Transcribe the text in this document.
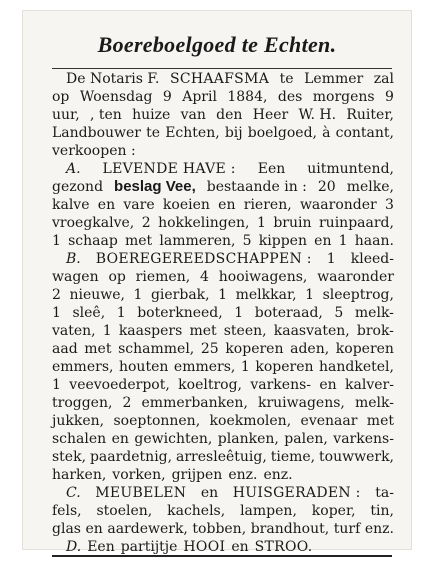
Boereboelgoed te Echten.
De Notaris F. SCHAAFSMA te Lemmer zal
op Woensdag 9 April 1884, des morgens 9
uur, , ten huize van den Heer W. H. Ruiter,
Landbouwer te Echten, bij boelgoed, à contant,
verkoopen :
A. LEVENDE HAVE : Een uitmuntend,
gezond beslag Vee, bestaande in : 20 melke,
kalve en vare koeien en rieren, waaronder 3
vroegkalve, 2 hokkelingen, 1 bruin ruinpaard,
1 schaap met lammeren, 5 kippen en 1 haan.
B. BOEREGEREEDSCHAPPEN : 1 kleed-
wagen op riemen, 4 hooiwagens, waaronder
2 nieuwe, 1 gierbak, 1 melkkar, 1 sleeptrog,
1 sleê, 1 boterkneed, 1 boteraad, 5 melk-
vaten, 1 kaaspers met steen, kaasvaten, brok-
aad met schammel, 25 koperen aden, koperen
emmers, houten emmers, 1 koperen handketel,
1 veevoederpot, koeltrog, varkens- en kalver-
troggen, 2 emmerbanken, kruiwagens, melk-
jukken, soeptonnen, koekmolen, evenaar met
schalen en gewichten, planken, palen, varkens-
stek, paardetnig, arresleêtuig, tieme, touwwerk,
harken, vorken, grijpen enz. enz.
C. MEUBELEN en HUISGERADEN : ta-
fels, stoelen, kachels, lampen, koper, tin,
glas en aardewerk, tobben, brandhout, turf enz.
D. Een partijtje HOOI en STROO.
